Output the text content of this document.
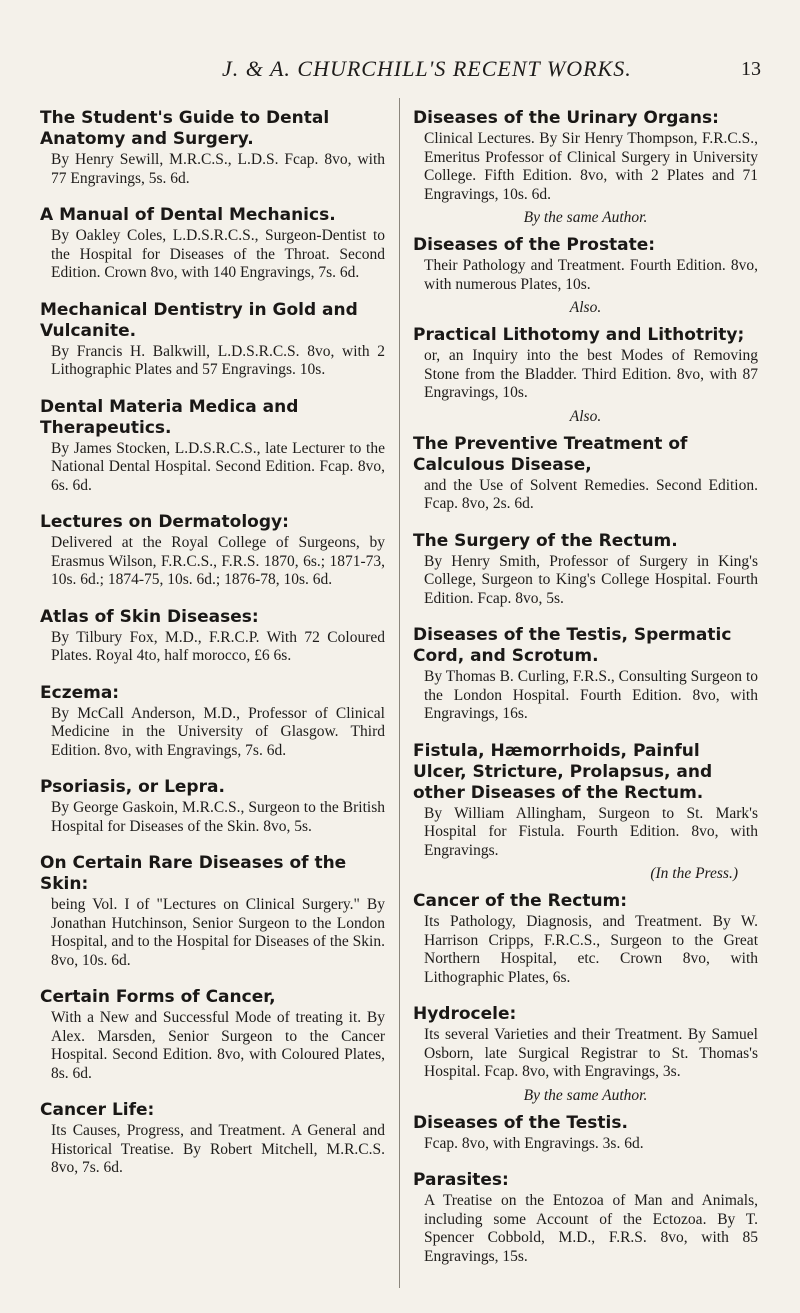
J. & A. CHURCHILL'S RECENT WORKS.	13
The Student's Guide to Dental Anatomy and Surgery.
By Henry Sewill, M.R.C.S., L.D.S. Fcap. 8vo, with 77 Engravings, 5s. 6d.
A Manual of Dental Mechanics.
By Oakley Coles, L.D.S.R.C.S., Surgeon-Dentist to the Hospital for Diseases of the Throat. Second Edition. Crown 8vo, with 140 Engravings, 7s. 6d.
Mechanical Dentistry in Gold and Vulcanite.
By Francis H. Balkwill, L.D.S.R.C.S. 8vo, with 2 Lithographic Plates and 57 Engravings. 10s.
Dental Materia Medica and Therapeutics.
By James Stocken, L.D.S.R.C.S., late Lecturer to the National Dental Hospital. Second Edition. Fcap. 8vo, 6s. 6d.
Lectures on Dermatology:
Delivered at the Royal College of Surgeons, by Erasmus Wilson, F.R.C.S., F.R.S. 1870, 6s.; 1871-73, 10s. 6d.; 1874-75, 10s. 6d.; 1876-78, 10s. 6d.
Atlas of Skin Diseases:
By Tilbury Fox, M.D., F.R.C.P. With 72 Coloured Plates. Royal 4to, half morocco, £6 6s.
Eczema:
By McCall Anderson, M.D., Professor of Clinical Medicine in the University of Glasgow. Third Edition. 8vo, with Engravings, 7s. 6d.
Psoriasis, or Lepra.
By George Gaskoin, M.R.C.S., Surgeon to the British Hospital for Diseases of the Skin. 8vo, 5s.
On Certain Rare Diseases of the Skin:
being Vol. I of "Lectures on Clinical Surgery." By Jonathan Hutchinson, Senior Surgeon to the London Hospital, and to the Hospital for Diseases of the Skin. 8vo, 10s. 6d.
Certain Forms of Cancer,
With a New and Successful Mode of treating it. By Alex. Marsden, Senior Surgeon to the Cancer Hospital. Second Edition. 8vo, with Coloured Plates, 8s. 6d.
Cancer Life:
Its Causes, Progress, and Treatment. A General and Historical Treatise. By Robert Mitchell, M.R.C.S. 8vo, 7s. 6d.
Diseases of the Urinary Organs:
Clinical Lectures. By Sir Henry Thompson, F.R.C.S., Emeritus Professor of Clinical Surgery in University College. Fifth Edition. 8vo, with 2 Plates and 71 Engravings, 10s. 6d.
By the same Author.
Diseases of the Prostate:
Their Pathology and Treatment. Fourth Edition. 8vo, with numerous Plates, 10s.
Also.
Practical Lithotomy and Lithotrity;
or, an Inquiry into the best Modes of Removing Stone from the Bladder. Third Edition. 8vo, with 87 Engravings, 10s.
Also.
The Preventive Treatment of Calculous Disease,
and the Use of Solvent Remedies. Second Edition. Fcap. 8vo, 2s. 6d.
The Surgery of the Rectum.
By Henry Smith, Professor of Surgery in King's College, Surgeon to King's College Hospital. Fourth Edition. Fcap. 8vo, 5s.
Diseases of the Testis, Spermatic Cord, and Scrotum.
By Thomas B. Curling, F.R.S., Consulting Surgeon to the London Hospital. Fourth Edition. 8vo, with Engravings, 16s.
Fistula, Hæmorrhoids, Painful Ulcer, Stricture, Prolapsus, and other Diseases of the Rectum.
By William Allingham, Surgeon to St. Mark's Hospital for Fistula. Fourth Edition. 8vo, with Engravings.
(In the Press.)
Cancer of the Rectum:
Its Pathology, Diagnosis, and Treatment. By W. Harrison Cripps, F.R.C.S., Surgeon to the Great Northern Hospital, etc. Crown 8vo, with Lithographic Plates, 6s.
Hydrocele:
Its several Varieties and their Treatment. By Samuel Osborn, late Surgical Registrar to St. Thomas's Hospital. Fcap. 8vo, with Engravings, 3s.
By the same Author.
Diseases of the Testis.
Fcap. 8vo, with Engravings. 3s. 6d.
Parasites:
A Treatise on the Entozoa of Man and Animals, including some Account of the Ectozoa. By T. Spencer Cobbold, M.D., F.R.S. 8vo, with 85 Engravings, 15s.
